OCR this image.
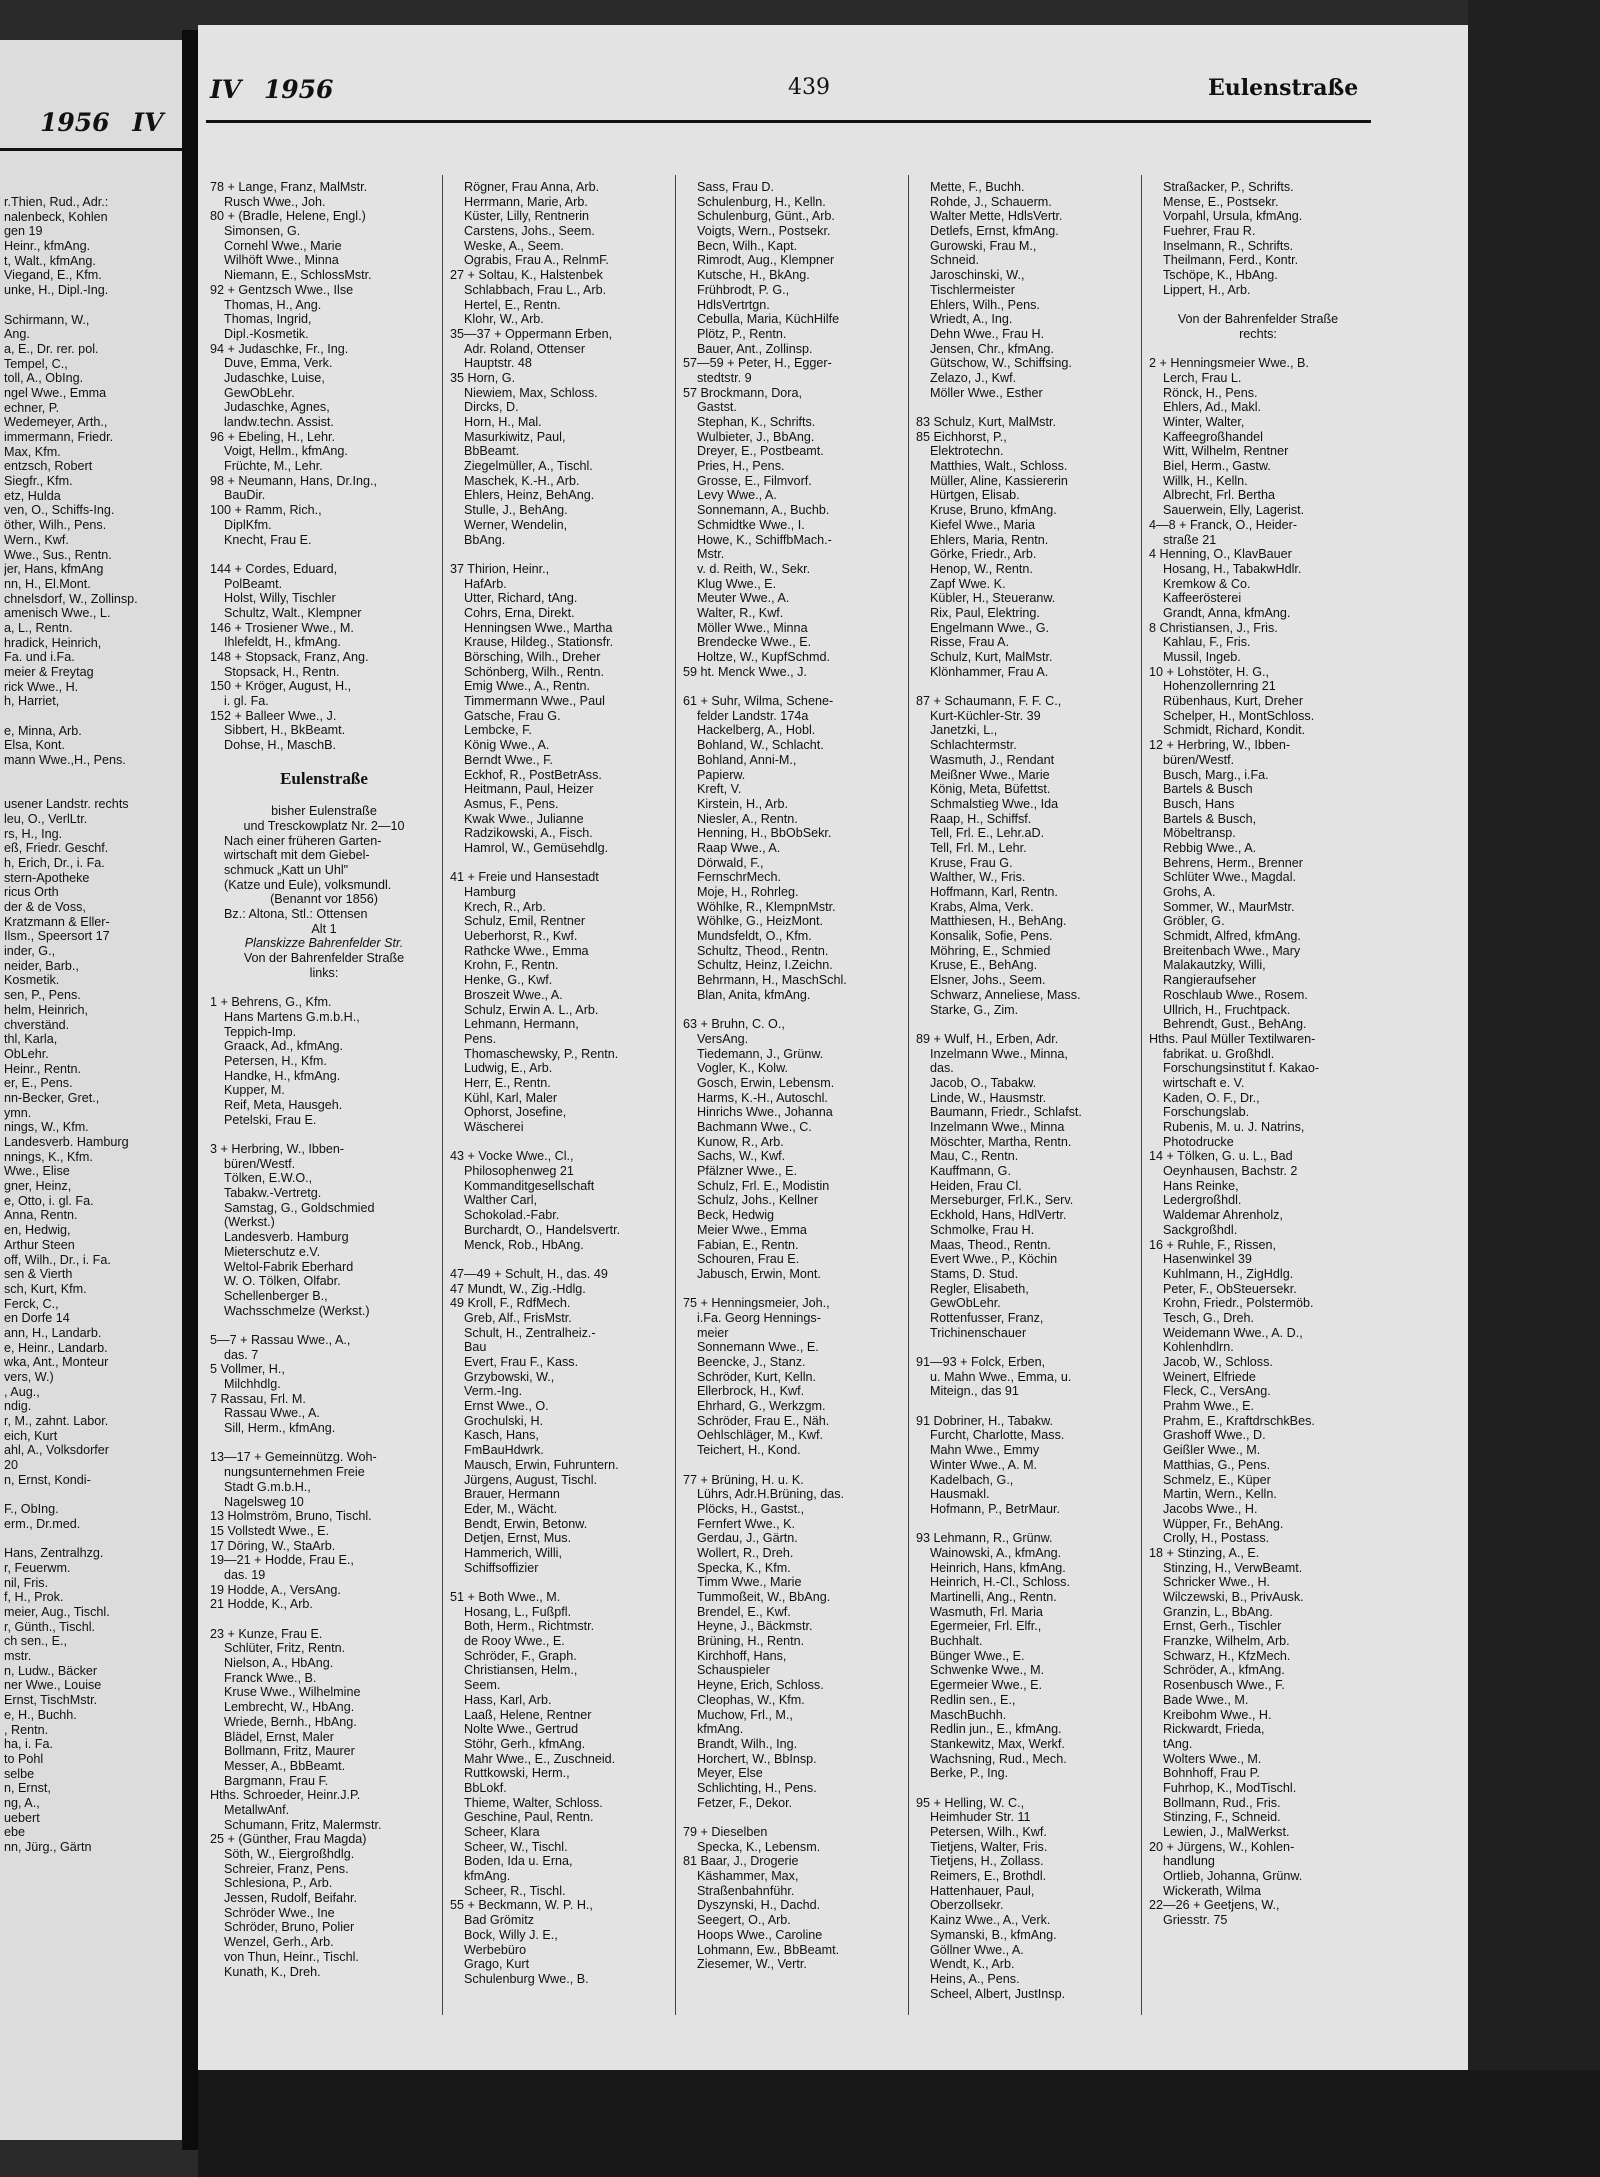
1956 IV
r.Thien, Rud., Adr.:
nalenbeck, Kohlen
gen 19
Heinr., kfmAng.
t, Walt., kfmAng.
Viegand, E., Kfm.
unke, H., Dipl.-Ing.
Schirmann, W.,
Ang.
a, E., Dr. rer. pol.
Tempel, C.,
toll, A., ObIng.
ngel Wwe., Emma
echner, P.
Wedemeyer, Arth.,
immermann, Friedr.
Max, Kfm.
entzsch, Robert
Siegfr., Kfm.
etz, Hulda
ven, O., Schiffs-Ing.
öther, Wilh., Pens.
Wern., Kwf.
Wwe., Sus., Rentn.
jer, Hans, kfmAng
nn, H., El.Mont.
chnelsdorf, W., Zollinsp.
amenisch Wwe., L.
a, L., Rentn.
hradick, Heinrich,
Fa. und i.Fa.
meier & Freytag
rick Wwe., H.
h, Harriet,
e, Minna, Arb.
Elsa, Kont.
mann Wwe.,H., Pens.
usener Landstr. rechts
leu, O., VerlLtr.
rs, H., Ing.
eß, Friedr. Geschf.
h, Erich, Dr., i. Fa.
stern-Apotheke
ricus Orth
der & de Voss,
Kratzmann & Eller-
Ilsm., Speersort 17
inder, G.,
neider, Barb.,
Kosmetik.
sen, P., Pens.
helm, Heinrich,
chverständ.
thl, Karla,
ObLehr.
Heinr., Rentn.
er, E., Pens.
nn-Becker, Gret.,
ymn.
nings, W., Kfm.
Landesverb. Hamburg
nnings, K., Kfm.
Wwe., Elise
gner, Heinz,
e, Otto, i. gl. Fa.
Anna, Rentn.
en, Hedwig,
Arthur Steen
off, Wilh., Dr., i. Fa.
sen & Vierth
sch, Kurt, Kfm.
Ferck, C.,
en Dorfe 14
ann, H., Landarb.
e, Heinr., Landarb.
wka, Ant., Monteur
vers, W.)
, Aug.,
ndig.
r, M., zahnt. Labor.
eich, Kurt
ahl, A., Volksdorfer
20
n, Ernst, Kondi-
F., ObIng.
erm., Dr.med.
Hans, Zentralhzg.
r, Feuerwm.
nil, Fris.
f, H., Prok.
meier, Aug., Tischl.
r, Günth., Tischl.
ch sen., E.,
mstr.
n, Ludw., Bäcker
ner Wwe., Louise
Ernst, TischMstr.
e, H., Buchh.
, Rentn.
ha, i. Fa.
to Pohl
selbe
n, Ernst,
ng, A.,
uebert
ebe
nn, Jürg., Gärtn
IV 1956	439	Eulenstraße
78 + Lange, Franz, MalMstr.
Rusch Wwe., Joh.
80 + (Bradle, Helene, Engl.)
Simonsen, G.
Cornehl Wwe., Marie
Wilhöft Wwe., Minna
Niemann, E., SchlossMstr.
92 + Gentzsch Wwe., Ilse
Thomas, H., Ang.
Thomas, Ingrid,
Dipl.-Kosmetik.
94 + Judaschke, Fr., Ing.
Duve, Emma, Verk.
Judaschke, Luise,
GewObLehr.
Judaschke, Agnes,
landw.techn. Assist.
96 + Ebeling, H., Lehr.
Voigt, Hellm., kfmAng.
Früchte, M., Lehr.
98 + Neumann, Hans, Dr.Ing.,
BauDir.
100 + Ramm, Rich.,
DiplKfm.
Knecht, Frau E.
144 + Cordes, Eduard,
PolBeamt.
Holst, Willy, Tischler
Schultz, Walt., Klempner
146 + Trosiener Wwe., M.
Ihlefeldt, H., kfmAng.
148 + Stopsack, Franz, Ang.
Stopsack, H., Rentn.
150 + Kröger, August, H.,
i. gl. Fa.
152 + Balleer Wwe., J.
Sibbert, H., BkBeamt.
Dohse, H., MaschB.
Eulenstraße
bisher Eulenstraße
und Tresckowplatz Nr. 2—10
Nach einer früheren Garten-
wirtschaft mit dem Giebel-
schmuck „Katt un Uhl"
(Katze und Eule), volksmundl.
(Benannt vor 1856)
Bz.: Altona, Stl.: Ottensen
Alt 1
Planskizze Bahrenfelder Str.
Von der Bahrenfelder Straße
links:
1 + Behrens, G., Kfm.
Hans Martens G.m.b.H.,
Teppich-Imp.
Graack, Ad., kfmAng.
Petersen, H., Kfm.
Handke, H., kfmAng.
Kupper, M.
Reif, Meta, Hausgeh.
Petelski, Frau E.
3 + Herbring, W., Ibben-
büren/Westf.
Tölken, E.W.O.,
Tabakw.-Vertretg.
Samstag, G., Goldschmied
(Werkst.)
Landesverb. Hamburg
Mieterschutz e.V.
Weltol-Fabrik Eberhard
W. O. Tölken, Olfabr.
Schellenberger B.,
Wachsschmelze (Werkst.)
5—7 + Rassau Wwe., A.,
das. 7
5 Vollmer, H.,
Milchhdlg.
7 Rassau, Frl. M.
Rassau Wwe., A.
Sill, Herm., kfmAng.
13—17 + Gemeinnützg. Woh-
nungsunternehmen Freie
Stadt G.m.b.H.,
Nagelsweg 10
13 Holmström, Bruno, Tischl.
15 Vollstedt Wwe., E.
17 Döring, W., StaArb.
19—21 + Hodde, Frau E.,
das. 19
19 Hodde, A., VersAng.
21 Hodde, K., Arb.
23 + Kunze, Frau E.
Schlüter, Fritz, Rentn.
Nielson, A., HbAng.
Franck Wwe., B.
Kruse Wwe., Wilhelmine
Lembrecht, W., HbAng.
Wriede, Bernh., HbAng.
Blädel, Ernst, Maler
Bollmann, Fritz, Maurer
Messer, A., BbBeamt.
Bargmann, Frau F.
Hths. Schroeder, Heinr.J.P.
MetallwAnf.
Schumann, Fritz, Malermstr.
25 + (Günther, Frau Magda)
Söth, W., Eiergroßhdlg.
Schreier, Franz, Pens.
Schlesiona, P., Arb.
Jessen, Rudolf, Beifahr.
Schröder Wwe., Ine
Schröder, Bruno, Polier
Wenzel, Gerh., Arb.
von Thun, Heinr., Tischl.
Kunath, K., Dreh.
Rögner, Frau Anna, Arb.
Herrmann, Marie, Arb.
Küster, Lilly, Rentnerin
Carstens, Johs., Seem.
Weske, A., Seem.
Ograbis, Frau A., RelnmF.
27 + Soltau, K., Halstenbek
Schlabbach, Frau L., Arb.
Hertel, E., Rentn.
Klohr, W., Arb.
35—37 + Oppermann Erben,
Adr. Roland, Ottenser
Hauptstr. 48
35 Horn, G.
Niewiem, Max, Schloss.
Dircks, D.
Horn, H., Mal.
Masurkiwitz, Paul,
BbBeamt.
Ziegelmüller, A., Tischl.
Maschek, K.-H., Arb.
Ehlers, Heinz, BehAng.
Stulle, J., BehAng.
Werner, Wendelin,
BbAng.
37 Thirion, Heinr.,
HafArb.
Utter, Richard, tAng.
Cohrs, Erna, Direkt.
Henningsen Wwe., Martha
Krause, Hildeg., Stationsfr.
Börsching, Wilh., Dreher
Schönberg, Wilh., Rentn.
Emig Wwe., A., Rentn.
Timmermann Wwe., Paul
Gatsche, Frau G.
Lembcke, F.
König Wwe., A.
Berndt Wwe., F.
Eckhof, R., PostBetrAss.
Heitmann, Paul, Heizer
Asmus, F., Pens.
Kwak Wwe., Julianne
Radzikowski, A., Fisch.
Hamrol, W., Gemüsehdlg.
41 + Freie und Hansestadt
Hamburg
Krech, R., Arb.
Schulz, Emil, Rentner
Ueberhorst, R., Kwf.
Rathcke Wwe., Emma
Krohn, F., Rentn.
Henke, G., Kwf.
Broszeit Wwe., A.
Schulz, Erwin A. L., Arb.
Lehmann, Hermann,
Pens.
Thomaschewsky, P., Rentn.
Ludwig, E., Arb.
Herr, E., Rentn.
Kühl, Karl, Maler
Ophorst, Josefine,
Wäscherei
43 + Vocke Wwe., Cl.,
Philosophenweg 21
Kommanditgesellschaft
Walther Carl,
Schokolad.-Fabr.
Burchardt, O., Handelsvertr.
Menck, Rob., HbAng.
47—49 + Schult, H., das. 49
47 Mundt, W., Zig.-Hdlg.
49 Kroll, F., RdfMech.
Greb, Alf., FrisMstr.
Schult, H., Zentralheiz.-
Bau
Evert, Frau F., Kass.
Grzybowski, W.,
Verm.-Ing.
Ernst Wwe., O.
Grochulski, H.
Kasch, Hans,
FmBauHdwrk.
Mausch, Erwin, Fuhruntern.
Jürgens, August, Tischl.
Brauer, Hermann
Eder, M., Wächt.
Bendt, Erwin, Betonw.
Detjen, Ernst, Mus.
Hammerich, Willi,
Schiffsoffizier
51 + Both Wwe., M.
Hosang, L., Fußpfl.
Both, Herm., Richtmstr.
de Rooy Wwe., E.
Schröder, F., Graph.
Christiansen, Helm.,
Seem.
Hass, Karl, Arb.
Laaß, Helene, Rentner
Nolte Wwe., Gertrud
Stöhr, Gerh., kfmAng.
Mahr Wwe., E., Zuschneid.
Ruttkowski, Herm.,
BbLokf.
Thieme, Walter, Schloss.
Geschine, Paul, Rentn.
Scheer, Klara
Scheer, W., Tischl.
Boden, Ida u. Erna,
kfmAng.
Scheer, R., Tischl.
55 + Beckmann, W. P. H.,
Bad Grömitz
Bock, Willy J. E.,
Werbebüro
Grago, Kurt
Schulenburg Wwe., B.
Sass, Frau D.
Schulenburg, H., Kelln.
Schulenburg, Günt., Arb.
Voigts, Wern., Postsekr.
Becn, Wilh., Kapt.
Rimrodt, Aug., Klempner
Kutsche, H., BkAng.
Frühbrodt, P. G.,
HdlsVertrtgn.
Cebulla, Maria, KüchHilfe
Plötz, P., Rentn.
Bauer, Ant., Zollinsp.
57—59 + Peter, H., Egger-
stedtstr. 9
57 Brockmann, Dora,
Gastst.
Stephan, K., Schrifts.
Wulbieter, J., BbAng.
Dreyer, E., Postbeamt.
Pries, H., Pens.
Grosse, E., Filmvorf.
Levy Wwe., A.
Sonnemann, A., Buchb.
Schmidtke Wwe., I.
Howe, K., SchiffbMach.-
Mstr.
v. d. Reith, W., Sekr.
Klug Wwe., E.
Meuter Wwe., A.
Walter, R., Kwf.
Möller Wwe., Minna
Brendecke Wwe., E.
Holtze, W., KupfSchmd.
59 ht. Menck Wwe., J.
61 + Suhr, Wilma, Schene-
felder Landstr. 174a
Hackelberg, A., Hobl.
Bohland, W., Schlacht.
Bohland, Anni-M.,
Papierw.
Kreft, V.
Kirstein, H., Arb.
Niesler, A., Rentn.
Henning, H., BbObSekr.
Raap Wwe., A.
Dörwald, F.,
FernschrMech.
Moje, H., Rohrleg.
Wöhlke, R., KlempnMstr.
Wöhlke, G., HeizMont.
Mundsfeldt, O., Kfm.
Schultz, Theod., Rentn.
Schultz, Heinz, I.Zeichn.
Behrmann, H., MaschSchl.
Blan, Anita, kfmAng.
63 + Bruhn, C. O.,
VersAng.
Tiedemann, J., Grünw.
Vogler, K., Kolw.
Gosch, Erwin, Lebensm.
Harms, K.-H., Autoschl.
Hinrichs Wwe., Johanna
Bachmann Wwe., C.
Kunow, R., Arb.
Sachs, W., Kwf.
Pfälzner Wwe., E.
Schulz, Frl. E., Modistin
Schulz, Johs., Kellner
Beck, Hedwig
Meier Wwe., Emma
Fabian, E., Rentn.
Schouren, Frau E.
Jabusch, Erwin, Mont.
75 + Henningsmeier, Joh.,
i.Fa. Georg Hennings-
meier
Sonnemann Wwe., E.
Beencke, J., Stanz.
Schröder, Kurt, Kelln.
Ellerbrock, H., Kwf.
Ehrhard, G., Werkzgm.
Schröder, Frau E., Näh.
Oehlschläger, M., Kwf.
Teichert, H., Kond.
77 + Brüning, H. u. K.
Lührs, Adr.H.Brüning, das.
Plöcks, H., Gastst.,
Fernfert Wwe., K.
Gerdau, J., Gärtn.
Wollert, R., Dreh.
Specka, K., Kfm.
Timm Wwe., Marie
Tummoßeit, W., BbAng.
Brendel, E., Kwf.
Heyne, J., Bäckmstr.
Brüning, H., Rentn.
Kirchhoff, Hans,
Schauspieler
Heyne, Erich, Schloss.
Cleophas, W., Kfm.
Muchow, Frl., M.,
kfmAng.
Brandt, Wilh., Ing.
Horchert, W., BbInsp.
Meyer, Else
Schlichting, H., Pens.
Fetzer, F., Dekor.
79 + Dieselben
Specka, K., Lebensm.
81 Baar, J., Drogerie
Käshammer, Max,
Straßenbahnführ.
Dyszynski, H., Dachd.
Seegert, O., Arb.
Hoops Wwe., Caroline
Lohmann, Ew., BbBeamt.
Ziesemer, W., Vertr.
Mette, F., Buchh.
Rohde, J., Schauerm.
Walter Mette, HdlsVertr.
Detlefs, Ernst, kfmAng.
Gurowski, Frau M.,
Schneid.
Jaroschinski, W.,
Tischlermeister
Ehlers, Wilh., Pens.
Wriedt, A., Ing.
Dehn Wwe., Frau H.
Jensen, Chr., kfmAng.
Gütschow, W., Schiffsing.
Zelazo, J., Kwf.
Möller Wwe., Esther
83 Schulz, Kurt, MalMstr.
85 Eichhorst, P.,
Elektrotechn.
Matthies, Walt., Schloss.
Müller, Aline, Kassiererin
Hürtgen, Elisab.
Kruse, Bruno, kfmAng.
Kiefel Wwe., Maria
Ehlers, Maria, Rentn.
Görke, Friedr., Arb.
Henop, W., Rentn.
Zapf Wwe. K.
Kübler, H., Steueranw.
Rix, Paul, Elektring.
Engelmann Wwe., G.
Risse, Frau A.
Schulz, Kurt, MalMstr.
Klönhammer, Frau A.
87 + Schaumann, F. F. C.,
Kurt-Küchler-Str. 39
Janetzki, L.,
Schlachtermstr.
Wasmuth, J., Rendant
Meißner Wwe., Marie
König, Meta, Büfettst.
Schmalstieg Wwe., Ida
Raap, H., Schiffsf.
Tell, Frl. E., Lehr.aD.
Tell, Frl. M., Lehr.
Kruse, Frau G.
Walther, W., Fris.
Hoffmann, Karl, Rentn.
Krabs, Alma, Verk.
Matthiesen, H., BehAng.
Konsalik, Sofie, Pens.
Möhring, E., Schmied
Kruse, E., BehAng.
Elsner, Johs., Seem.
Schwarz, Anneliese, Mass.
Starke, G., Zim.
89 + Wulf, H., Erben, Adr.
Inzelmann Wwe., Minna,
das.
Jacob, O., Tabakw.
Linde, W., Hausmstr.
Baumann, Friedr., Schlafst.
Inzelmann Wwe., Minna
Möschter, Martha, Rentn.
Mau, C., Rentn.
Kauffmann, G.
Heiden, Frau Cl.
Merseburger, Frl.K., Serv.
Eckhold, Hans, HdlVertr.
Schmolke, Frau H.
Maas, Theod., Rentn.
Evert Wwe., P., Köchin
Stams, D. Stud.
Regler, Elisabeth,
GewObLehr.
Rottenfusser, Franz,
Trichinenschauer
91—93 + Folck, Erben,
u. Mahn Wwe., Emma, u.
Miteign., das 91
91 Dobriner, H., Tabakw.
Furcht, Charlotte, Mass.
Mahn Wwe., Emmy
Winter Wwe., A. M.
Kadelbach, G.,
Hausmakl.
Hofmann, P., BetrMaur.
93 Lehmann, R., Grünw.
Wainowski, A., kfmAng.
Heinrich, Hans, kfmAng.
Heinrich, H.-Cl., Schloss.
Martinelli, Ang., Rentn.
Wasmuth, Frl. Maria
Egermeier, Frl. Elfr.,
Buchhalt.
Bünger Wwe., E.
Schwenke Wwe., M.
Egermeier Wwe., E.
Redlin sen., E.,
MaschBuchh.
Redlin jun., E., kfmAng.
Stankewitz, Max, Werkf.
Wachsning, Rud., Mech.
Berke, P., Ing.
95 + Helling, W. C.,
Heimhuder Str. 11
Petersen, Wilh., Kwf.
Tietjens, Walter, Fris.
Tietjens, H., Zollass.
Reimers, E., Brothdl.
Hattenhauer, Paul,
Oberzollsekr.
Kainz Wwe., A., Verk.
Symanski, B., kfmAng.
Göllner Wwe., A.
Wendt, K., Arb.
Heins, A., Pens.
Scheel, Albert, JustInsp.
Straßacker, P., Schrifts.
Mense, E., Postsekr.
Vorpahl, Ursula, kfmAng.
Fuehrer, Frau R.
Inselmann, R., Schrifts.
Theilmann, Ferd., Kontr.
Tschöpe, K., HbAng.
Lippert, H., Arb.
Von der Bahrenfelder Straße
rechts:
2 + Henningsmeier Wwe., B.
Lerch, Frau L.
Rönck, H., Pens.
Ehlers, Ad., Makl.
Winter, Walter,
Kaffeegroßhandel
Witt, Wilhelm, Rentner
Biel, Herm., Gastw.
Willk, H., Kelln.
Albrecht, Frl. Bertha
Sauerwein, Elly, Lagerist.
4—8 + Franck, O., Heider-
straße 21
4 Henning, O., KlavBauer
Hosang, H., TabakwHdlr.
Kremkow & Co.
Kaffeerösterei
Grandt, Anna, kfmAng.
8 Christiansen, J., Fris.
Kahlau, F., Fris.
Mussil, Ingeb.
10 + Lohstöter, H. G.,
Hohenzollernring 21
Rübenhaus, Kurt, Dreher
Schelper, H., MontSchloss.
Schmidt, Richard, Kondit.
12 + Herbring, W., Ibben-
büren/Westf.
Busch, Marg., i.Fa.
Bartels & Busch
Busch, Hans
Bartels & Busch,
Möbeltransp.
Rebbig Wwe., A.
Behrens, Herm., Brenner
Schlüter Wwe., Magdal.
Grohs, A.
Sommer, W., MaurMstr.
Gröbler, G.
Schmidt, Alfred, kfmAng.
Breitenbach Wwe., Mary
Malakautzky, Willi,
Rangieraufseher
Roschlaub Wwe., Rosem.
Ullrich, H., Fruchtpack.
Behrendt, Gust., BehAng.
Hths. Paul Müller Textilwaren-
fabrikat. u. Großhdl.
Forschungsinstitut f. Kakao-
wirtschaft e. V.
Kaden, O. F., Dr.,
Forschungslab.
Rubenis, M. u. J. Natrins,
Photodrucke
14 + Tölken, G. u. L., Bad
Oeynhausen, Bachstr. 2
Hans Reinke,
Ledergroßhdl.
Waldemar Ahrenholz,
Sackgroßhdl.
16 + Ruhle, F., Rissen,
Hasenwinkel 39
Kuhlmann, H., ZigHdlg.
Peter, F., ObSteuersekr.
Krohn, Friedr., Polstermöb.
Tesch, G., Dreh.
Weidemann Wwe., A. D.,
Kohlenhdlrn.
Jacob, W., Schloss.
Weinert, Elfriede
Fleck, C., VersAng.
Prahm Wwe., E.
Prahm, E., KraftdrschkBes.
Grashoff Wwe., D.
Geißler Wwe., M.
Matthias, G., Pens.
Schmelz, E., Küper
Martin, Wern., Kelln.
Jacobs Wwe., H.
Wüpper, Fr., BehAng.
Crolly, H., Postass.
18 + Stinzing, A., E.
Stinzing, H., VerwBeamt.
Schricker Wwe., H.
Wilczewski, B., PrivAusk.
Granzin, L., BbAng.
Ernst, Gerh., Tischler
Franzke, Wilhelm, Arb.
Schwarz, H., KfzMech.
Schröder, A., kfmAng.
Rosenbusch Wwe., F.
Bade Wwe., M.
Kreibohm Wwe., H.
Rickwardt, Frieda,
tAng.
Wolters Wwe., M.
Bohnhoff, Frau P.
Fuhrhop, K., ModTischl.
Bollmann, Rud., Fris.
Stinzing, F., Schneid.
Lewien, J., MalWerkst.
20 + Jürgens, W., Kohlen-
handlung
Ortlieb, Johanna, Grünw.
Wickerath, Wilma
22—26 + Geetjens, W.,
Griesstr. 75
